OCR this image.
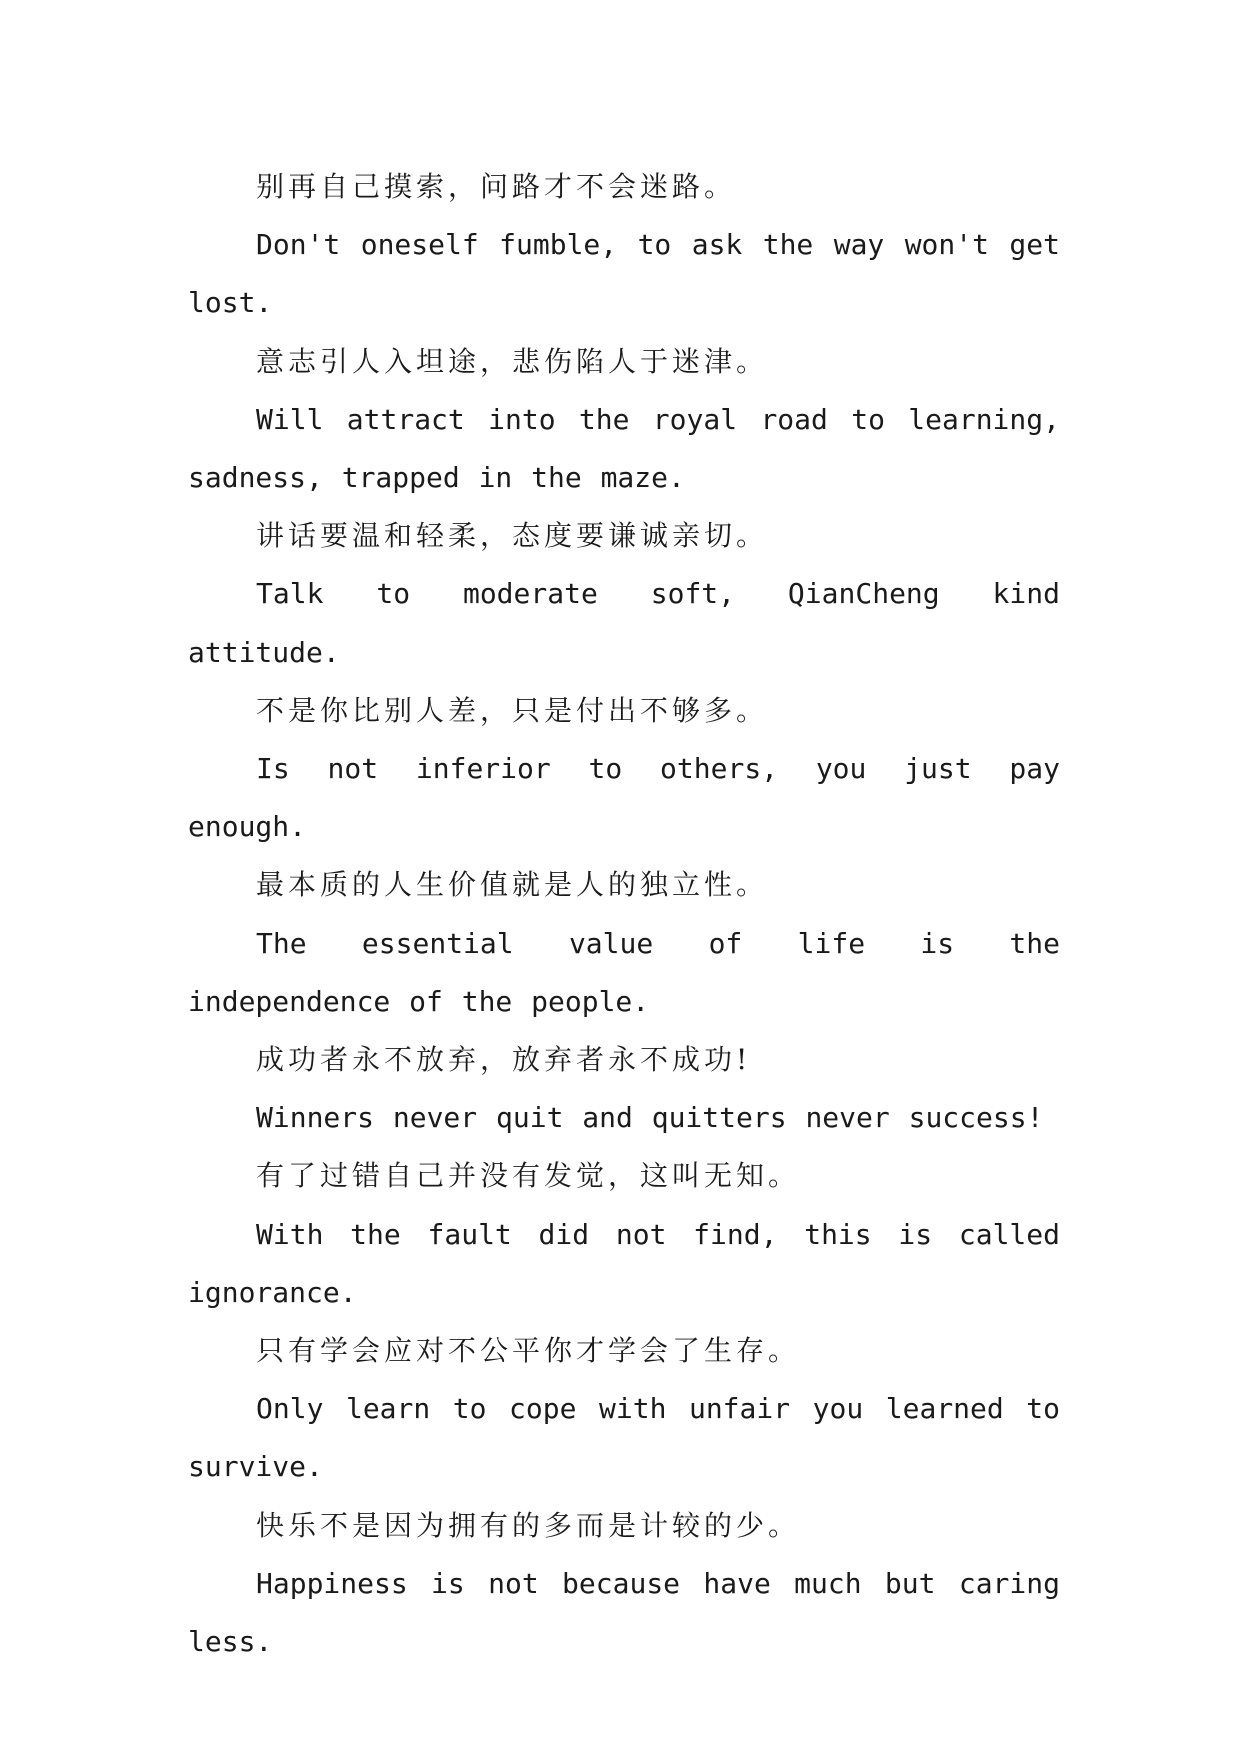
别再自己摸索，问路才不会迷路。

Don't oneself fumble, to ask the way won't get lost.

意志引人入坦途，悲伤陷人于迷津。

Will attract into the royal road to learning, sadness, trapped in the maze.

讲话要温和轻柔，态度要谦诚亲切。

Talk to moderate soft, QianCheng kind attitude.

不是你比别人差，只是付出不够多。

Is not inferior to others, you just pay enough.

最本质的人生价值就是人的独立性。

The essential value of life is the independence of the people.

成功者永不放弃，放弃者永不成功!

Winners never quit and quitters never success!

有了过错自己并没有发觉，这叫无知。

With the fault did not find, this is called ignorance.

只有学会应对不公平你才学会了生存。

Only learn to cope with unfair you learned to survive.

快乐不是因为拥有的多而是计较的少。

Happiness is not because have much but caring less.
